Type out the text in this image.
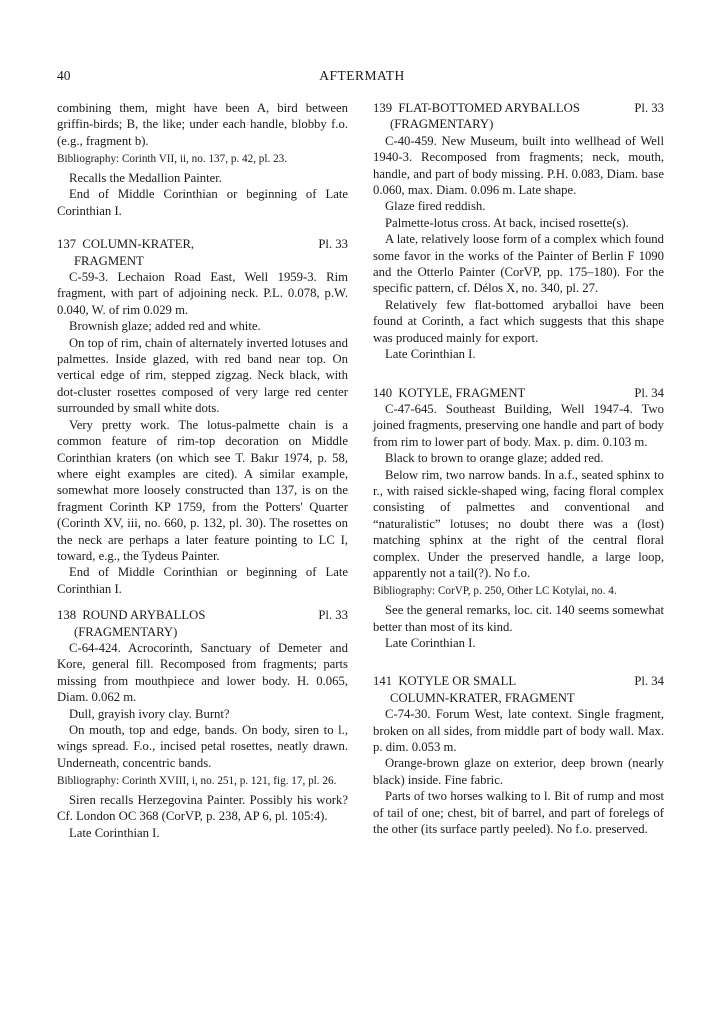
40	AFTERMATH

combining them, might have been A, bird between griffin-birds; B, the like; under each handle, blobby f.o. (e.g., fragment b).

Bibliography: Corinth VII, ii, no. 137, p. 42, pl. 23.

Recalls the Medallion Painter.

End of Middle Corinthian or beginning of Late Corinthian I.

137 COLUMN-KRATER,	Pl. 33
FRAGMENT

C-59-3. Lechaion Road East, Well 1959-3. Rim fragment, with part of adjoining neck. P.L. 0.078, p.W. 0.040, W. of rim 0.029 m.

Brownish glaze; added red and white.

On top of rim, chain of alternately inverted lotuses and palmettes. Inside glazed, with red band near top. On vertical edge of rim, stepped zigzag. Neck black, with dot-cluster rosettes composed of very large red center surrounded by small white dots.

Very pretty work. The lotus-palmette chain is a common feature of rim-top decoration on Middle Corinthian kraters (on which see T. Bakır 1974, p. 58, where eight examples are cited). A similar example, somewhat more loosely constructed than 137, is on the fragment Corinth KP 1759, from the Potters' Quarter (Corinth XV, iii, no. 660, p. 132, pl. 30). The rosettes on the neck are perhaps a later feature pointing to LC I, toward, e.g., the Tydeus Painter.

End of Middle Corinthian or beginning of Late Corinthian I.

138 ROUND ARYBALLOS	Pl. 33
(FRAGMENTARY)

C-64-424. Acrocorinth, Sanctuary of Demeter and Kore, general fill. Recomposed from fragments; parts missing from mouthpiece and lower body. H. 0.065, Diam. 0.062 m.

Dull, grayish ivory clay. Burnt?

On mouth, top and edge, bands. On body, siren to l., wings spread. F.o., incised petal rosettes, neatly drawn. Underneath, concentric bands.

Bibliography: Corinth XVIII, i, no. 251, p. 121, fig. 17, pl. 26.

Siren recalls Herzegovina Painter. Possibly his work? Cf. London OC 368 (CorVP, p. 238, AP 6, pl. 105:4).

Late Corinthian I.

139 FLAT-BOTTOMED ARYBALLOS	Pl. 33
(FRAGMENTARY)

C-40-459. New Museum, built into wellhead of Well 1940-3. Recomposed from fragments; neck, mouth, handle, and part of body missing. P.H. 0.083, Diam. base 0.060, max. Diam. 0.096 m. Late shape.

Glaze fired reddish.

Palmette-lotus cross. At back, incised rosette(s).

A late, relatively loose form of a complex which found some favor in the works of the Painter of Berlin F 1090 and the Otterlo Painter (CorVP, pp. 175–180). For the specific pattern, cf. Délos X, no. 340, pl. 27.

Relatively few flat-bottomed aryballoi have been found at Corinth, a fact which suggests that this shape was produced mainly for export.

Late Corinthian I.

140 KOTYLE, FRAGMENT	Pl. 34

C-47-645. Southeast Building, Well 1947-4. Two joined fragments, preserving one handle and part of body from rim to lower part of body. Max. p. dim. 0.103 m.

Black to brown to orange glaze; added red.

Below rim, two narrow bands. In a.f., seated sphinx to r., with raised sickle-shaped wing, facing floral complex consisting of palmettes and conventional and “naturalistic” lotuses; no doubt there was a (lost) matching sphinx at the right of the central floral complex. Under the preserved handle, a large loop, apparently not a tail(?). No f.o.

Bibliography: CorVP, p. 250, Other LC Kotylai, no. 4.

See the general remarks, loc. cit. 140 seems somewhat better than most of its kind.

Late Corinthian I.

141 KOTYLE OR SMALL	Pl. 34
COLUMN-KRATER, FRAGMENT

C-74-30. Forum West, late context. Single fragment, broken on all sides, from middle part of body wall. Max. p. dim. 0.053 m.

Orange-brown glaze on exterior, deep brown (nearly black) inside. Fine fabric.

Parts of two horses walking to l. Bit of rump and most of tail of one; chest, bit of barrel, and part of forelegs of the other (its surface partly peeled). No f.o. preserved.
